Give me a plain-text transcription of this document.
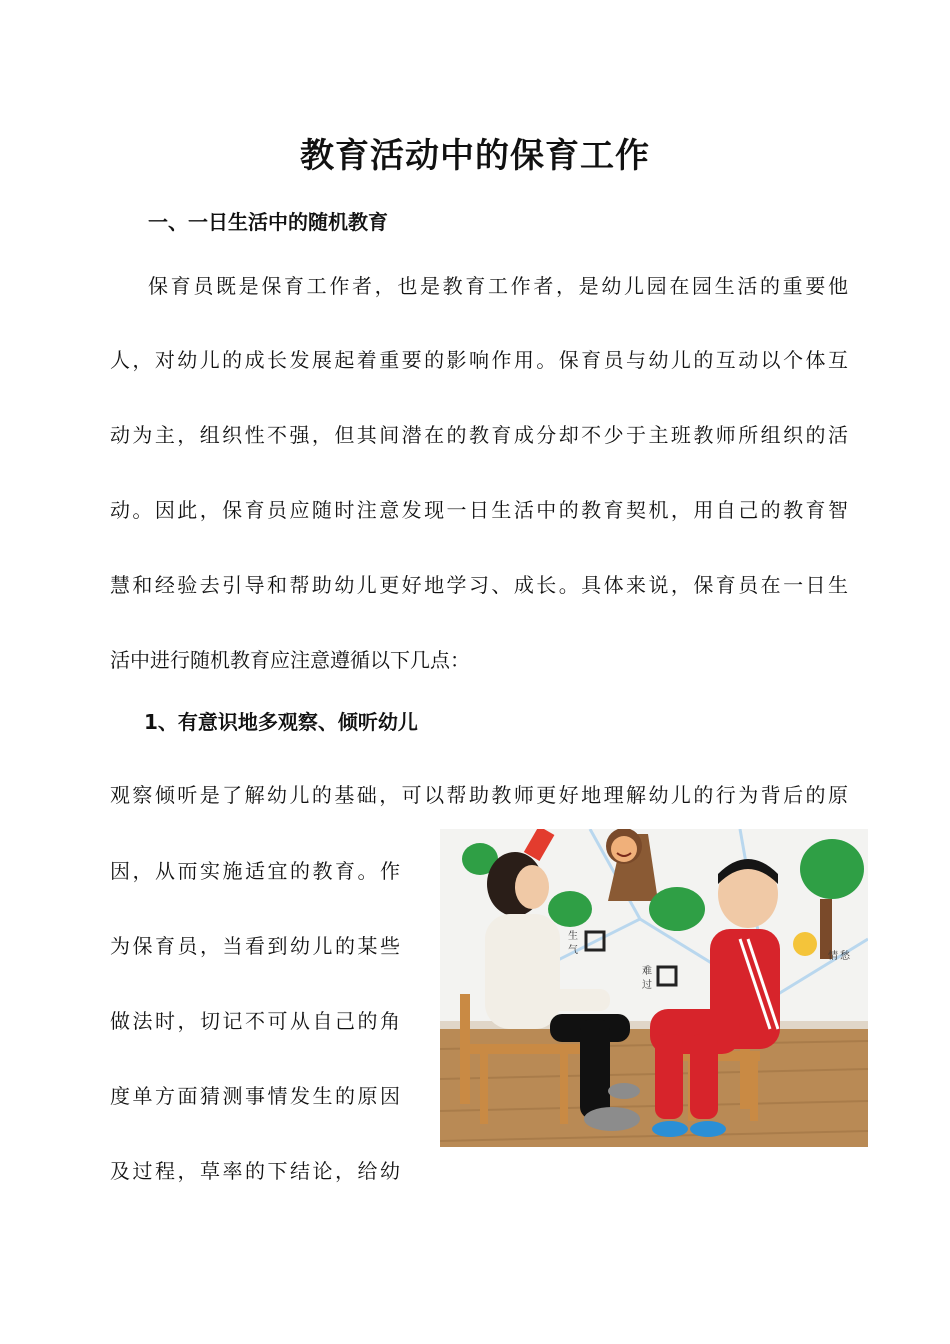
教育活动中的保育工作
一、一日生活中的随机教育

保育员既是保育工作者，也是教育工作者，是幼儿园在园生活的重要他

人，对幼儿的成长发展起着重要的影响作用。保育员与幼儿的互动以个体互

动为主，组织性不强，但其间潜在的教育成分却不少于主班教师所组织的活

动。因此，保育员应随时注意发现一日生活中的教育契机，用自己的教育智

慧和经验去引导和帮助幼儿更好地学习、成长。具体来说，保育员在一日生

活中进行随机教育应注意遵循以下几点：

1、有意识地多观察、倾听幼儿

观察倾听是了解幼儿的基础，可以帮助教师更好地理解幼儿的行为背后的原

因，从而实施适宜的教育。作

为保育员，当看到幼儿的某些

做法时，切记不可从自己的角

度单方面猜测事情发生的原因

及过程，草率的下结论，给幼

生
气
难
过
情 愁
